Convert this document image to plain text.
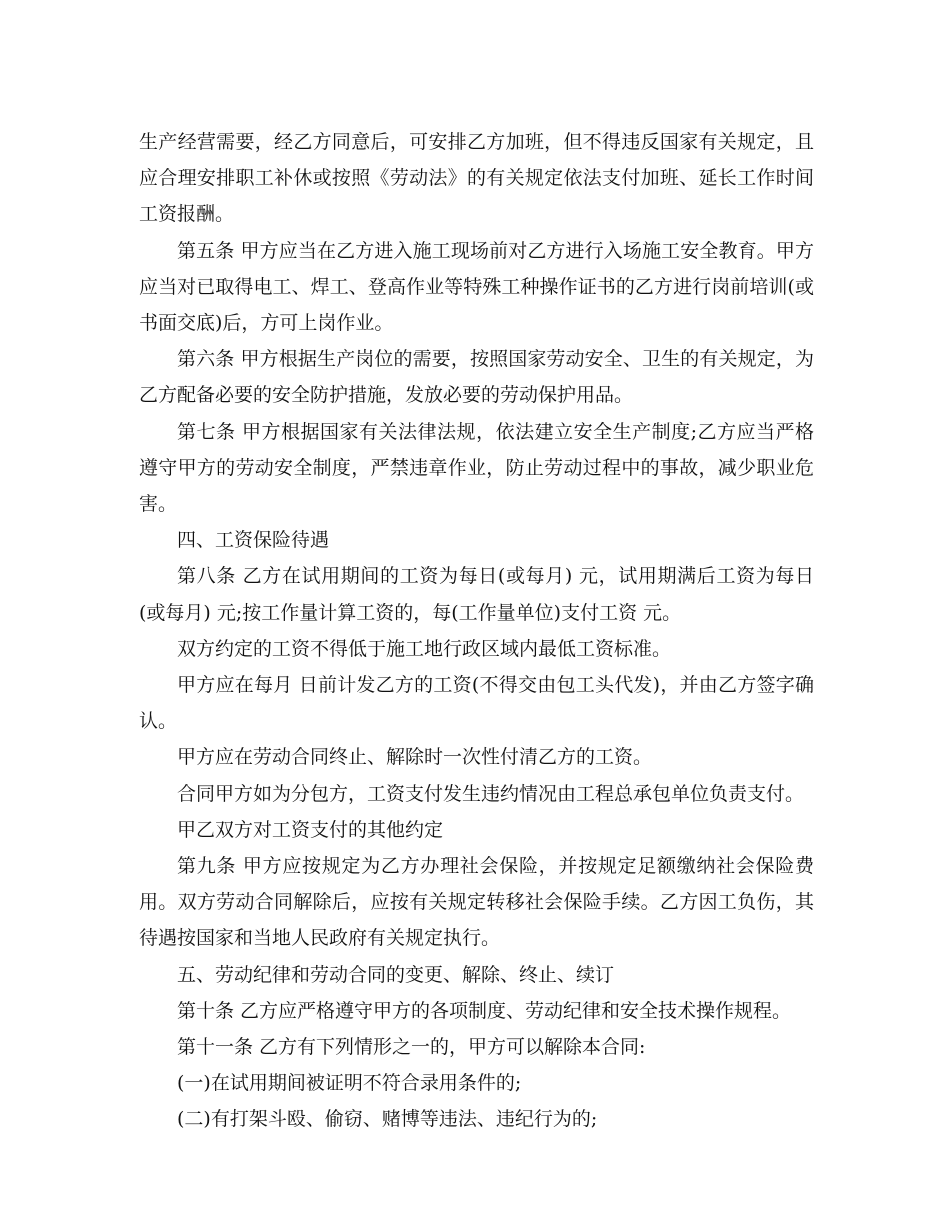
生产经营需要，经乙方同意后，可安排乙方加班，但不得违反国家有关规定，且应合理安排职工补休或按照《劳动法》的有关规定依法支付加班、延长工作时间工资报酬。

第五条 甲方应当在乙方进入施工现场前对乙方进行入场施工安全教育。甲方应当对已取得电工、焊工、登高作业等特殊工种操作证书的乙方进行岗前培训(或书面交底)后，方可上岗作业。

第六条 甲方根据生产岗位的需要，按照国家劳动安全、卫生的有关规定，为乙方配备必要的安全防护措施，发放必要的劳动保护用品。

第七条 甲方根据国家有关法律法规，依法建立安全生产制度;乙方应当严格遵守甲方的劳动安全制度，严禁违章作业，防止劳动过程中的事故，减少职业危害。

四、工资保险待遇

第八条 乙方在试用期间的工资为每日(或每月) 元，试用期满后工资为每日(或每月) 元;按工作量计算工资的，每(工作量单位)支付工资 元。

双方约定的工资不得低于施工地行政区域内最低工资标准。

甲方应在每月 日前计发乙方的工资(不得交由包工头代发)，并由乙方签字确认。

甲方应在劳动合同终止、解除时一次性付清乙方的工资。

合同甲方如为分包方，工资支付发生违约情况由工程总承包单位负责支付。

甲乙双方对工资支付的其他约定

第九条 甲方应按规定为乙方办理社会保险，并按规定足额缴纳社会保险费用。双方劳动合同解除后，应按有关规定转移社会保险手续。乙方因工负伤，其待遇按国家和当地人民政府有关规定执行。

五、劳动纪律和劳动合同的变更、解除、终止、续订

第十条 乙方应严格遵守甲方的各项制度、劳动纪律和安全技术操作规程。

第十一条 乙方有下列情形之一的，甲方可以解除本合同:

(一)在试用期间被证明不符合录用条件的;

(二)有打架斗殴、偷窃、赌博等违法、违纪行为的;
